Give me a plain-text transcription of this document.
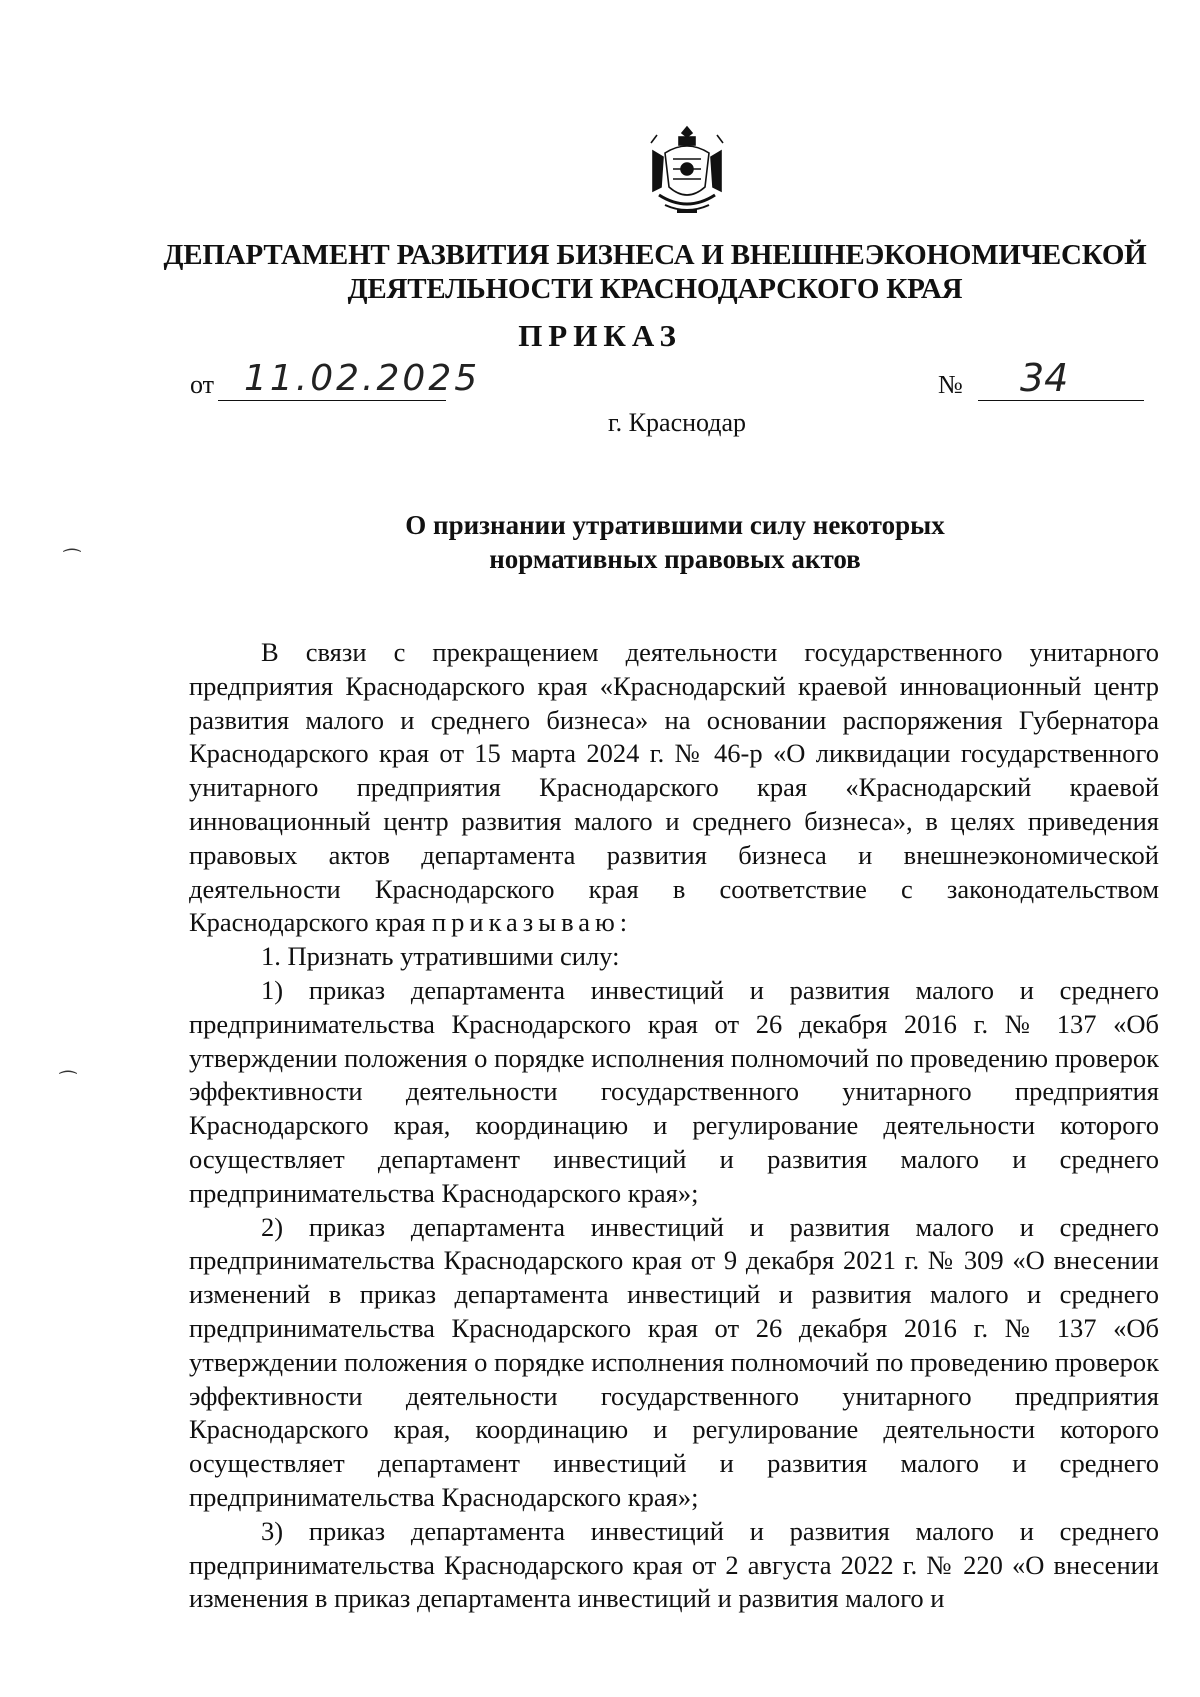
ДЕПАРТАМЕНТ РАЗВИТИЯ БИЗНЕСА И ВНЕШНЕЭКОНОМИЧЕСКОЙ
ДЕЯТЕЛЬНОСТИ КРАСНОДАРСКОГО КРАЯ
ПРИКАЗ
от 11.02.2025	№ 34
г. Краснодар
О признании утратившими силу некоторых
нормативных правовых актов

В связи с прекращением деятельности государственного унитарного предприятия Краснодарского края «Краснодарский краевой инновационный центр развития малого и среднего бизнеса» на основании распоряжения Губернатора Краснодарского края от 15 марта 2024 г. № 46-р «О ликвидации государственного унитарного предприятия Краснодарского края «Краснодарский краевой инновационный центр развития малого и среднего бизнеса», в целях приведения правовых актов департамента развития бизнеса и внешнеэкономической деятельности Краснодарского края в соответствие с законодательством Краснодарского края приказываю:

1. Признать утратившими силу:

1) приказ департамента инвестиций и развития малого и среднего предпринимательства Краснодарского края от 26 декабря 2016 г. № 137 «Об утверждении положения о порядке исполнения полномочий по проведению проверок эффективности деятельности государственного унитарного предприятия Краснодарского края, координацию и регулирование деятельности которого осуществляет департамент инвестиций и развития малого и среднего предпринимательства Краснодарского края»;

2) приказ департамента инвестиций и развития малого и среднего предпринимательства Краснодарского края от 9 декабря 2021 г. № 309 «О внесении изменений в приказ департамента инвестиций и развития малого и среднего предпринимательства Краснодарского края от 26 декабря 2016 г. № 137 «Об утверждении положения о порядке исполнения полномочий по проведению проверок эффективности деятельности государственного унитарного предприятия Краснодарского края, координацию и регулирование деятельности которого осуществляет департамент инвестиций и развития малого и среднего предпринимательства Краснодарского края»;

3) приказ департамента инвестиций и развития малого и среднего предпринимательства Краснодарского края от 2 августа 2022 г. № 220 «О внесении изменения в приказ департамента инвестиций и развития малого и

⁀
⁀
